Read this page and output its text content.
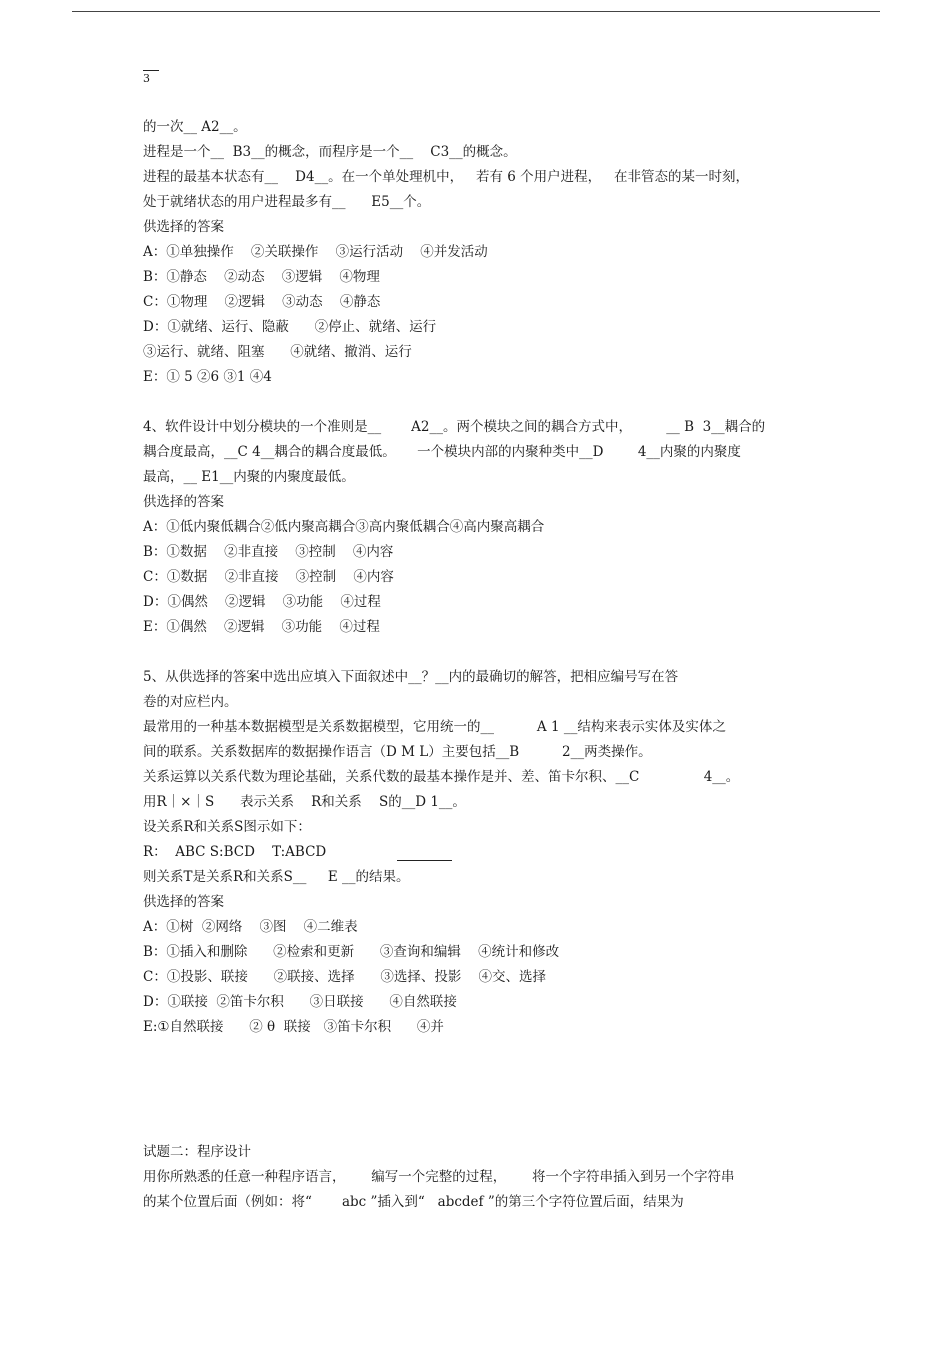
3
的一次__ A2__。
进程是一个__  B3__的概念，而程序是一个__    C3__的概念。
进程的最基本状态有__    D4__。在一个单处理机中，   若有 6 个用户进程，   在非管态的某一时刻，
处于就绪状态的用户进程最多有__      E5__个。
供选择的答案
A：①单独操作    ②关联操作    ③运行活动    ④并发活动
B：①静态    ②动态    ③逻辑    ④物理
C：①物理    ②逻辑    ③动态    ④静态
D：①就绪、运行、隐蔽      ②停止、就绪、运行
③运行、就绪、阻塞      ④就绪、撤消、运行
E：① 5 ②6 ③1 ④4
4、软件设计中划分模块的一个准则是__       A2__。两个模块之间的耦合方式中，        __ B  3__耦合的
耦合度最高，__C 4__耦合的耦合度最低。     一个模块内部的内聚种类中__D        4__内聚的内聚度
最高，__ E1__内聚的内聚度最低。
供选择的答案
A：①低内聚低耦合②低内聚高耦合③高内聚低耦合④高内聚高耦合
B：①数据    ②非直接    ③控制    ④内容
C：①数据    ②非直接    ③控制    ④内容
D：①偶然    ②逻辑    ③功能    ④过程
E：①偶然    ②逻辑    ③功能    ④过程
5、从供选择的答案中选出应填入下面叙述中__？__内的最确切的解答，把相应编号写在答
卷的对应栏内。
最常用的一种基本数据模型是关系数据模型，它用统一的__          A 1 __结构来表示实体及实体之
间的联系。关系数据库的数据操作语言（D M L）主要包括__B          2__两类操作。
关系运算以关系代数为理论基础，关系代数的最基本操作是并、差、笛卡尔积、__C               4__。
用R｜×｜S      表示关系    R和关系    S的__D 1__。
设关系R和关系S图示如下：
R：  ABC S:BCD    T:ABCD
则关系T是关系R和关系S__     E __的结果。
供选择的答案
A：①树  ②网络    ③图    ④二维表
B：①插入和删除      ②检索和更新      ③查询和编辑    ④统计和修改
C：①投影、联接      ②联接、选择      ③选择、投影    ④交、选择
D：①联接  ②笛卡尔积      ③日联接      ④自然联接
E:①自然联接      ② θ  联接   ③笛卡尔积      ④并
试题二：程序设计
用你所熟悉的任意一种程序语言，      编写一个完整的过程，      将一个字符串插入到另一个字符串
的某个位置后面（例如：将“       abc ”插入到“   abcdef ”的第三个字符位置后面，结果为
